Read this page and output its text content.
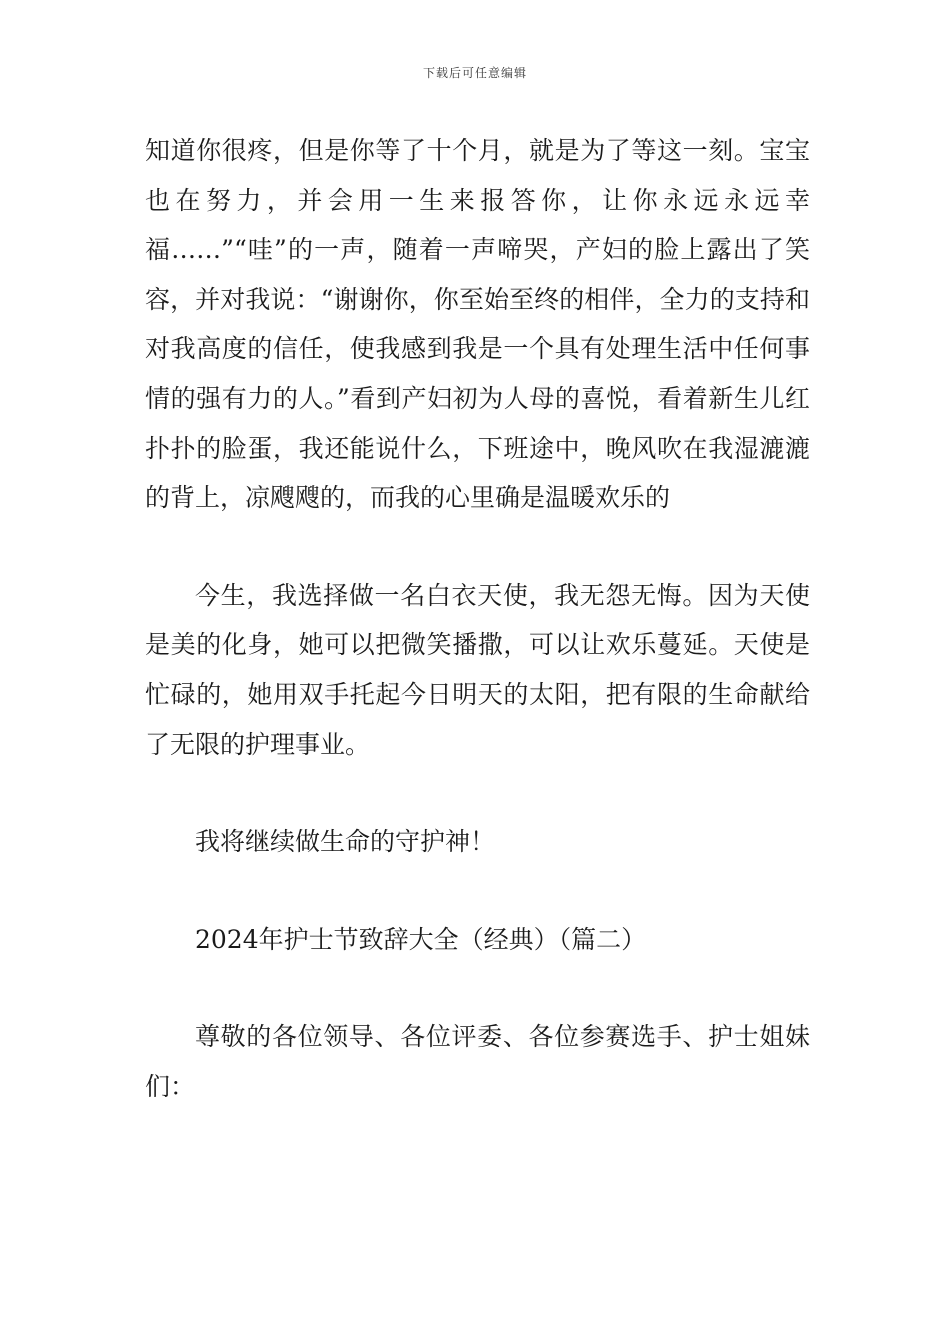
下载后可任意编辑

知道你很疼，但是你等了十个月，就是为了等这一刻。宝宝也在努力，并会用一生来报答你，让你永远永远幸福……”“哇”的一声，随着一声啼哭，产妇的脸上露出了笑容，并对我说：“谢谢你，你至始至终的相伴，全力的支持和对我高度的信任，使我感到我是一个具有处理生活中任何事情的强有力的人。”看到产妇初为人母的喜悦，看着新生儿红扑扑的脸蛋，我还能说什么，下班途中，晚风吹在我湿漉漉的背上，凉飕飕的，而我的心里确是温暖欢乐的

今生，我选择做一名白衣天使，我无怨无悔。因为天使是美的化身，她可以把微笑播撒，可以让欢乐蔓延。天使是忙碌的，她用双手托起今日明天的太阳，把有限的生命献给了无限的护理事业。

我将继续做生命的守护神！

2024年护士节致辞大全（经典）（篇二）

尊敬的各位领导、各位评委、各位参赛选手、护士姐妹们：
